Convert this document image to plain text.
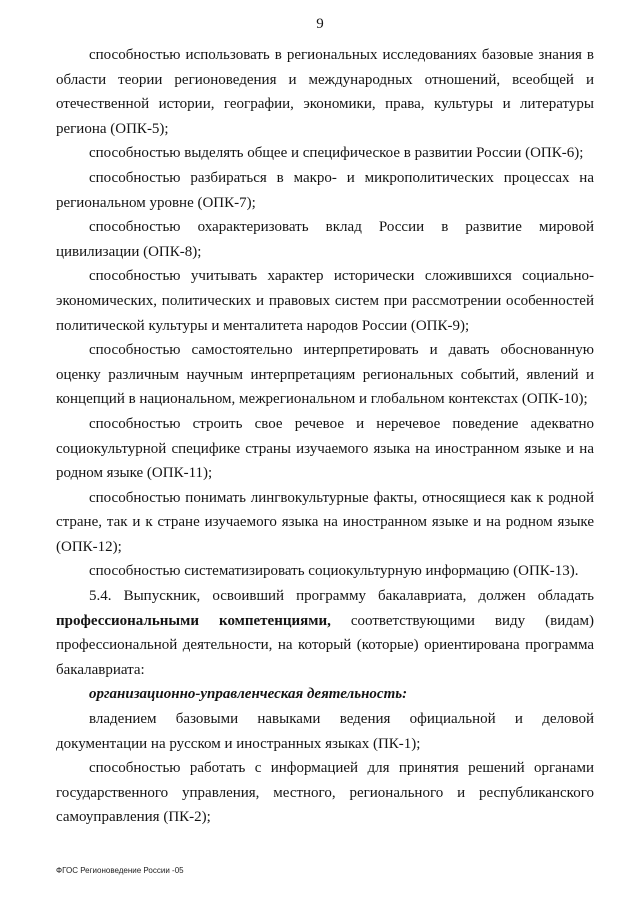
9

способностью использовать в региональных исследованиях базовые знания в области теории регионоведения и международных отношений, всеобщей и отечественной истории, географии, экономики, права, культуры и литературы региона (ОПК-5);

способностью выделять общее и специфическое в развитии России (ОПК-6);

способностью разбираться в макро- и микрополитических процессах на региональном уровне (ОПК-7);

способностью охарактеризовать вклад России в развитие мировой цивилизации (ОПК-8);

способностью учитывать характер исторически сложившихся социально-экономических, политических и правовых систем при рассмотрении особенностей политической культуры и менталитета народов России (ОПК-9);

способностью самостоятельно интерпретировать и давать обоснованную оценку различным научным интерпретациям региональных событий, явлений и концепций в национальном, межрегиональном и глобальном контекстах (ОПК-10);

способностью строить свое речевое и неречевое поведение адекватно социокультурной специфике страны изучаемого языка на иностранном языке и на родном языке (ОПК-11);

способностью понимать лингвокультурные факты, относящиеся как к родной стране, так и к стране изучаемого языка на иностранном языке и на родном языке (ОПК-12);

способностью систематизировать социокультурную информацию (ОПК-13).

5.4. Выпускник, освоивший программу бакалавриата, должен обладать профессиональными компетенциями, соответствующими виду (видам) профессиональной деятельности, на который (которые) ориентирована программа бакалавриата:

организационно-управленческая деятельность:

владением базовыми навыками ведения официальной и деловой документации на русском и иностранных языках (ПК-1);

способностью работать с информацией для принятия решений органами государственного управления, местного, регионального и республиканского самоуправления (ПК-2);

ФГОС Регионоведение России -05
